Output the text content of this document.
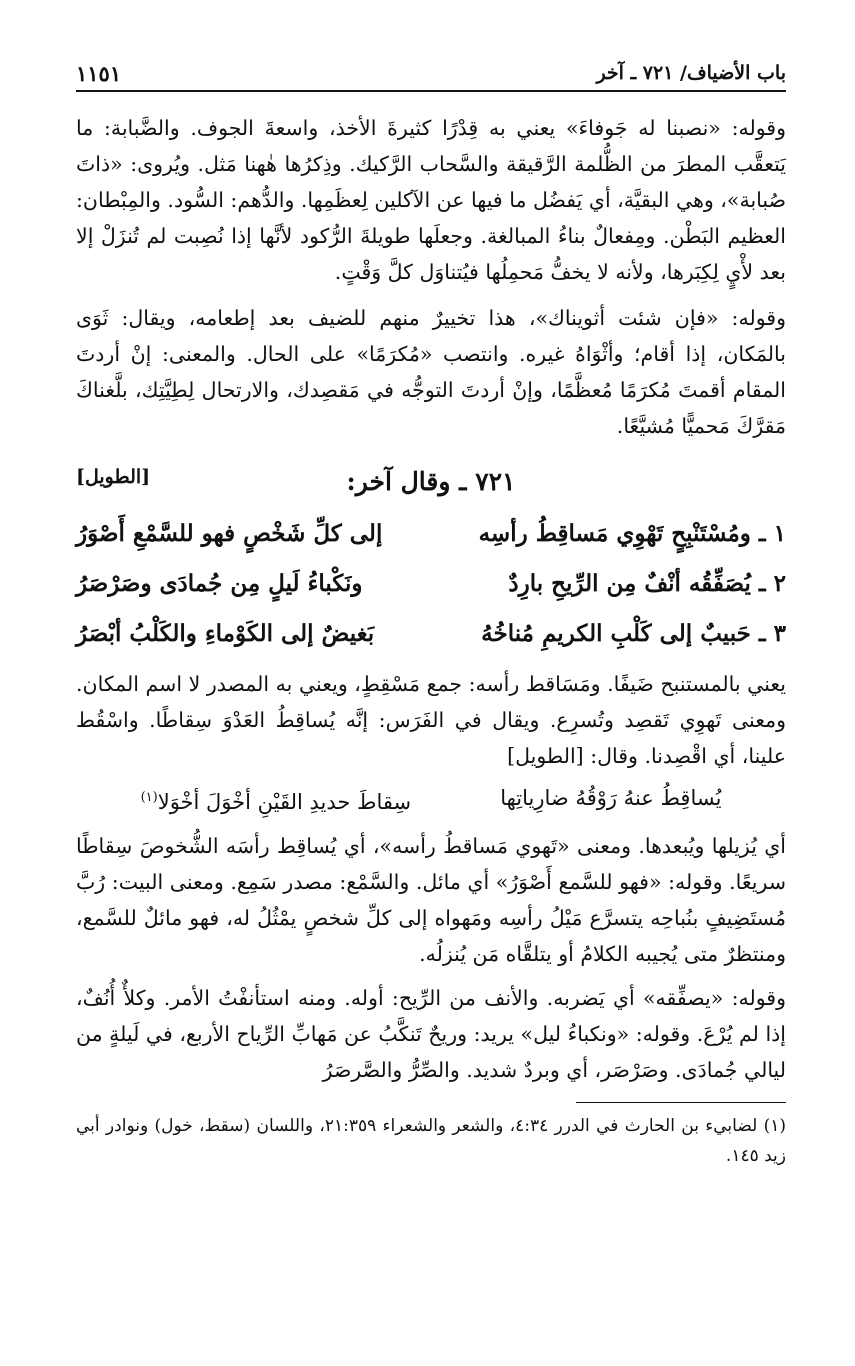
باب الأضياف/ ٧٢١ ـ آخر
١١٥١

وقوله: «نصبنا له جَوفاءَ» يعني به قِدْرًا كثيرةَ الأخذ، واسعةَ الجوف. والضَّبابة: ما يَتعقَّب المطرَ من الظُّلمة الرَّقيقة والسَّحاب الرَّكيك. وذِكرُها هٰهنا مَثل. ويُروى: «ذاتَ صُبابة»، وهي البقيَّة، أي يَفضُل ما فيها عن الآكلين لِعظَمِها. والدُّهم: السُّود. والمِبْطان: العظيم البَطْن. ومِفعالٌ بناءُ المبالغة. وجعلَها طويلةَ الرُّكود لأنَّها إذا نُصِبت لم تُنزَلْ إلا بعد لأْيٍ لِكِبَرها، ولأنه لا يخفُّ مَحمِلُها فيُتناوَل كلَّ وَقْتٍ.

وقوله: «فإن شئت أثويناك»، هذا تخييرٌ منهم للضيف بعد إطعامه، ويقال: ثَوَى بالمَكان، إذا أقام؛ وأثْوَاهُ غيره. وانتصب «مُكرَمًا» على الحال. والمعنى: إنْ أردتَ المقام أقمتَ مُكرَمًا مُعظَّمًا، وإنْ أردتَ التوجُّه في مَقصِدك، والارتحال لِطِيَّتِك، بلَّغناكَ مَقرَّكَ مَحميًّا مُشيَّعًا.

٧٢١ ـ وقال آخر:
[الطويل]
١ ـ ومُسْتَنْبِحٍ تَهْوِي مَساقِطُ رأسِه
إلى كلِّ شَخْصٍ فهو للسَّمْعِ أَصْوَرُ
٢ ـ يُصَفِّقُه أنْفٌ مِن الرِّيحِ بارِدٌ
ونَكْباءُ لَيلٍ مِن جُمادَى وصَرْصَرُ
٣ ـ حَبيبٌ إلى كَلْبِ الكريمِ مُناخُهُ
بَغيضٌ إلى الكَوْماءِ والكَلْبُ أبْصَرُ

يعني بالمستنبح ضَيفًا. ومَسَاقط رأسه: جمع مَسْقِطٍ، ويعني به المصدر لا اسم المكان. ومعنى تَهوِي تَقصِد وتُسرِع. ويقال في الفَرَس: إنَّه يُساقِطُ العَدْوَ سِقاطًا. واسْقُط علينا، أي اقْصِدنا. وقال: [الطويل]

يُساقِطُ عنهُ رَوْقُهُ ضارِياتِها
سِقاطَ حديدِ القَيْنِ أخْوَلَ أخْوَلا$^{(١)}$

أي يُزيلها ويُبعدها. ومعنى «تَهوي مَساقطُ رأسه»، أي يُساقِط رأسَه الشُّخوصَ سِقاطًا سريعًا. وقوله: «فهو للسَّمع أَصْوَرُ» أي مائل. والسَّمْع: مصدر سَمِع. ومعنى البيت: رُبَّ مُستَضِيفٍ بنُباحِه يتسرَّع مَيْلُ رأسِه ومَهواه إلى كلِّ شخصٍ يمْثُلُ له، فهو مائلٌ للسَّمع، ومنتظرٌ متى يُجيبه الكلامُ أو يتلقَّاه مَن يُنزلُه.

وقوله: «يصفِّقه» أي يَضربه. والأنف من الرِّيح: أوله. ومنه استأنفْتُ الأمر. وكلأٌ أُنُفٌ، إذا لم يُرْعَ. وقوله: «ونكباءُ ليل» يريد: وريحٌ تَنكَّبُ عن مَهابِّ الرِّياح الأربع، في لَيلةٍ من ليالي جُمادَى. وصَرْصَر، أي وبردٌ شديد. والصِّرُّ والصَّرصَرُ

(١) لضابيء بن الحارث في الدرر ٤:٣٤، والشعر والشعراء ٢١:٣٥٩، واللسان (سقط، خول) ونوادر أبي زيد ١٤٥.
